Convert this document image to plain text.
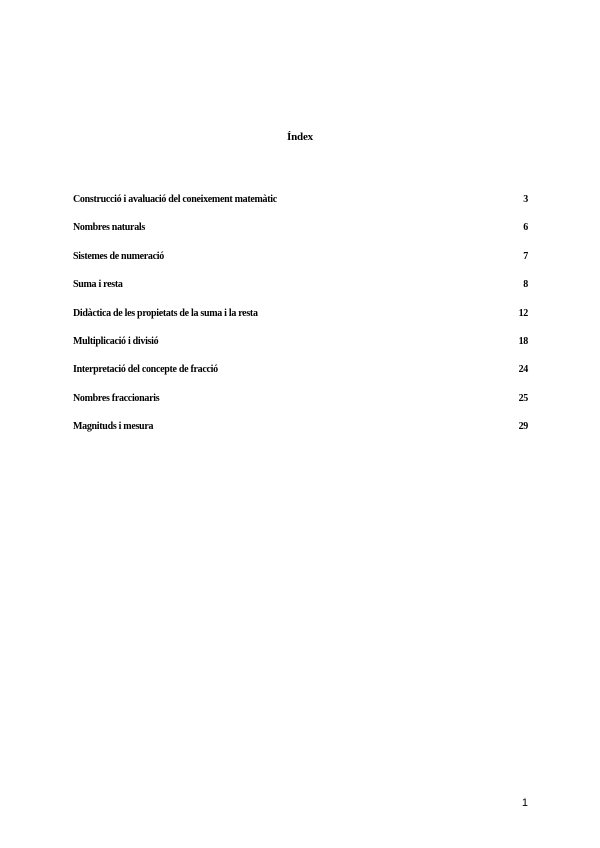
Índex
Construcció i avaluació del coneixement matemàtic	3
Nombres naturals	6
Sistemes de numeració	7
Suma i resta	8
Didàctica de les propietats de la suma i la resta	12
Multiplicació i divisió	18
Interpretació del concepte de fracció	24
Nombres fraccionaris	25
Magnituds i mesura	29
1
